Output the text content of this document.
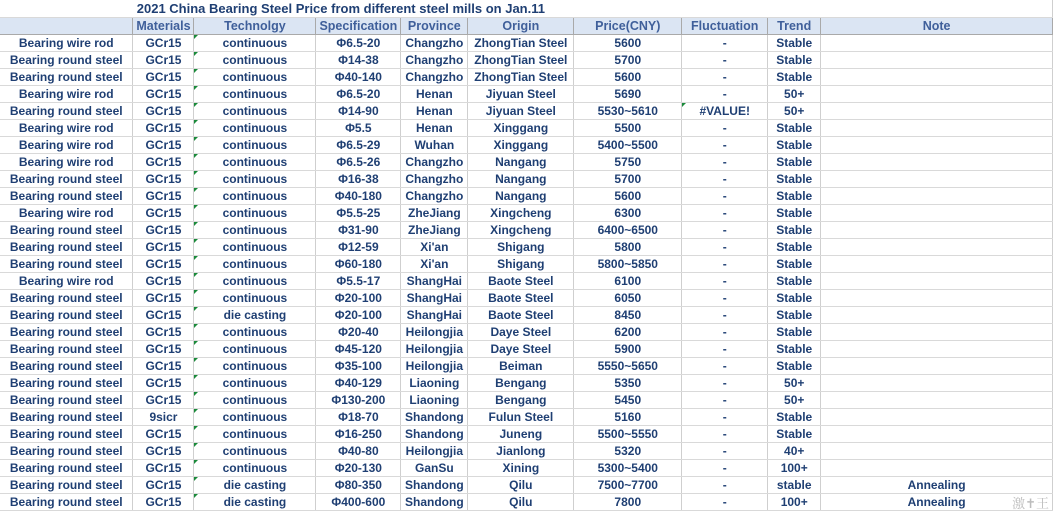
2021 China Bearing Steel Price from different steel mills on Jan.11									
	Materials	Technolgy	Specification	Province	Origin	Price(CNY)	Fluctuation	Trend	Note
Bearing wire rod	GCr15	continuous	Φ6.5-20	Changzho	ZhongTian Steel	5600	-	Stable	
Bearing round steel	GCr15	continuous	Φ14-38	Changzho	ZhongTian Steel	5700	-	Stable	
Bearing round steel	GCr15	continuous	Φ40-140	Changzho	ZhongTian Steel	5600	-	Stable	
Bearing wire rod	GCr15	continuous	Φ6.5-20	Henan	Jiyuan Steel	5690	-	50+	
Bearing round steel	GCr15	continuous	Φ14-90	Henan	Jiyuan Steel	5530~5610	#VALUE!	50+	
Bearing wire rod	GCr15	continuous	Φ5.5	Henan	Xinggang	5500	-	Stable	
Bearing wire rod	GCr15	continuous	Φ6.5-29	Wuhan	Xinggang	5400~5500	-	Stable	
Bearing wire rod	GCr15	continuous	Φ6.5-26	Changzho	Nangang	5750	-	Stable	
Bearing round steel	GCr15	continuous	Φ16-38	Changzho	Nangang	5700	-	Stable	
Bearing round steel	GCr15	continuous	Φ40-180	Changzho	Nangang	5600	-	Stable	
Bearing wire rod	GCr15	continuous	Φ5.5-25	ZheJiang	Xingcheng	6300	-	Stable	
Bearing round steel	GCr15	continuous	Φ31-90	ZheJiang	Xingcheng	6400~6500	-	Stable	
Bearing round steel	GCr15	continuous	Φ12-59	Xi'an	Shigang	5800	-	Stable	
Bearing round steel	GCr15	continuous	Φ60-180	Xi'an	Shigang	5800~5850	-	Stable	
Bearing wire rod	GCr15	continuous	Φ5.5-17	ShangHai	Baote Steel	6100	-	Stable	
Bearing round steel	GCr15	continuous	Φ20-100	ShangHai	Baote Steel	6050	-	Stable	
Bearing round steel	GCr15	die casting	Φ20-100	ShangHai	Baote Steel	8450	-	Stable	
Bearing round steel	GCr15	continuous	Φ20-40	Heilongjia	Daye Steel	6200	-	Stable	
Bearing round steel	GCr15	continuous	Φ45-120	Heilongjia	Daye Steel	5900	-	Stable	
Bearing round steel	GCr15	continuous	Φ35-100	Heilongjia	Beiman	5550~5650	-	Stable	
Bearing round steel	GCr15	continuous	Φ40-129	Liaoning	Bengang	5350	-	50+	
Bearing round steel	GCr15	continuous	Φ130-200	Liaoning	Bengang	5450	-	50+	
Bearing round steel	9sicr	continuous	Φ18-70	Shandong	Fulun Steel	5160	-	Stable	
Bearing round steel	GCr15	continuous	Φ16-250	Shandong	Juneng	5500~5550	-	Stable	
Bearing round steel	GCr15	continuous	Φ40-80	Heilongjia	Jianlong	5320	-	40+	
Bearing round steel	GCr15	continuous	Φ20-130	GanSu	Xining	5300~5400	-	100+	
Bearing round steel	GCr15	die casting	Φ80-350	Shandong	Qilu	7500~7700	-	stable	Annealing
Bearing round steel	GCr15	die casting	Φ400-600	Shandong	Qilu	7800	-	100+	Annealing	激✝王
